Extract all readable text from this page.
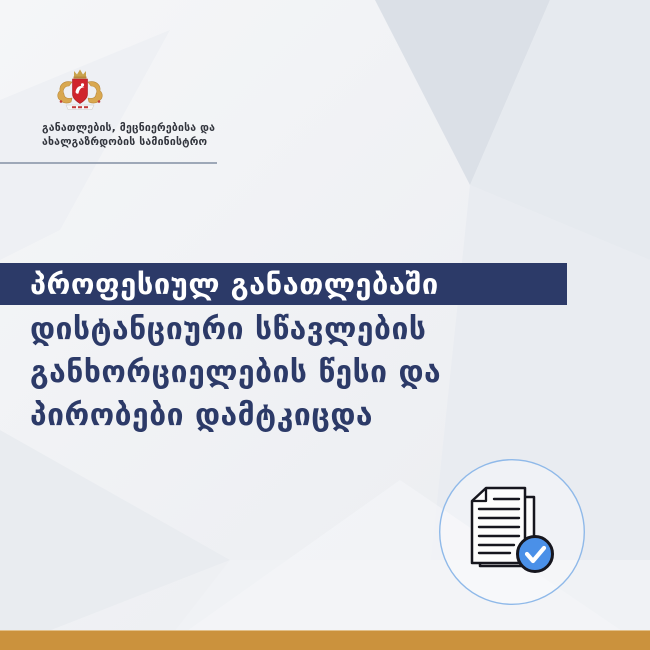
განათლების, მეცნიერებისა და
ახალგაზრდობის სამინისტრო
პროფესიულ განათლებაში
დისტანციური სწავლების
განხორციელების წესი და
პირობები დამტკიცდა
